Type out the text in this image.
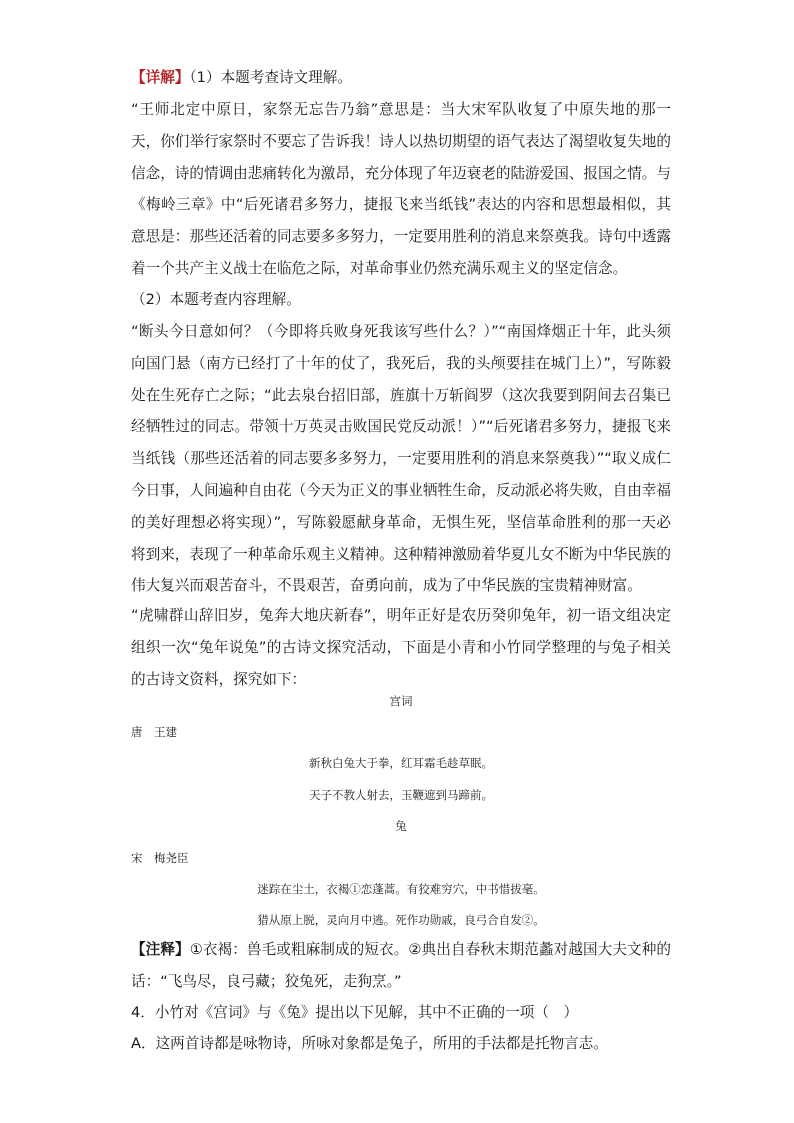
【详解】（1）本题考查诗文理解。

“王师北定中原日，家祭无忘告乃翁”意思是：当大宋军队收复了中原失地的那一天，你们举行家祭时不要忘了告诉我！诗人以热切期望的语气表达了渴望收复失地的信念，诗的情调由悲痛转化为激昂，充分体现了年迈衰老的陆游爱国、报国之情。与《梅岭三章》中“后死诸君多努力，捷报飞来当纸钱”表达的内容和思想最相似，其意思是：那些还活着的同志要多多努力，一定要用胜利的消息来祭奠我。诗句中透露着一个共产主义战士在临危之际，对革命事业仍然充满乐观主义的坚定信念。

（2）本题考查内容理解。

“断头今日意如何？（今即将兵败身死我该写些什么？）”“南国烽烟正十年，此头须向国门悬（南方已经打了十年的仗了，我死后，我的头颅要挂在城门上）”，写陈毅处在生死存亡之际；“此去泉台招旧部，旌旗十万斩阎罗（这次我要到阴间去召集已经牺牲过的同志。带领十万英灵击败国民党反动派！）”“后死诸君多努力，捷报飞来当纸钱（那些还活着的同志要多多努力，一定要用胜利的消息来祭奠我）”“取义成仁今日事，人间遍种自由花（今天为正义的事业牺牲生命，反动派必将失败，自由幸福的美好理想必将实现）”，写陈毅愿献身革命，无惧生死，坚信革命胜利的那一天必将到来，表现了一种革命乐观主义精神。这种精神激励着华夏儿女不断为中华民族的伟大复兴而艰苦奋斗，不畏艰苦，奋勇向前，成为了中华民族的宝贵精神财富。

“虎啸群山辞旧岁，兔奔大地庆新春”，明年正好是农历癸卯兔年，初一语文组决定组织一次“兔年说兔”的古诗文探究活动，下面是小青和小竹同学整理的与兔子相关的古诗文资料，探究如下：

宫词
唐　王建
新秋白兔大于拳，红耳霜毛趁草眠。
天子不教人射去，玉鞭遮到马蹄前。
兔
宋　梅尧臣
迷踪在尘土，衣褐①恋蓬蒿。有狡难穷穴，中书惜拔毫。
猎从原上脱，灵向月中逃。死作功勋戚，良弓合自发②。

【注释】①衣褐：兽毛或粗麻制成的短衣。②典出自春秋末期范蠡对越国大夫文种的话：“飞鸟尽，良弓藏；狡兔死，走狗烹。”

4．小竹对《宫词》与《兔》提出以下见解，其中不正确的一项（　）

A．这两首诗都是咏物诗，所咏对象都是兔子，所用的手法都是托物言志。
